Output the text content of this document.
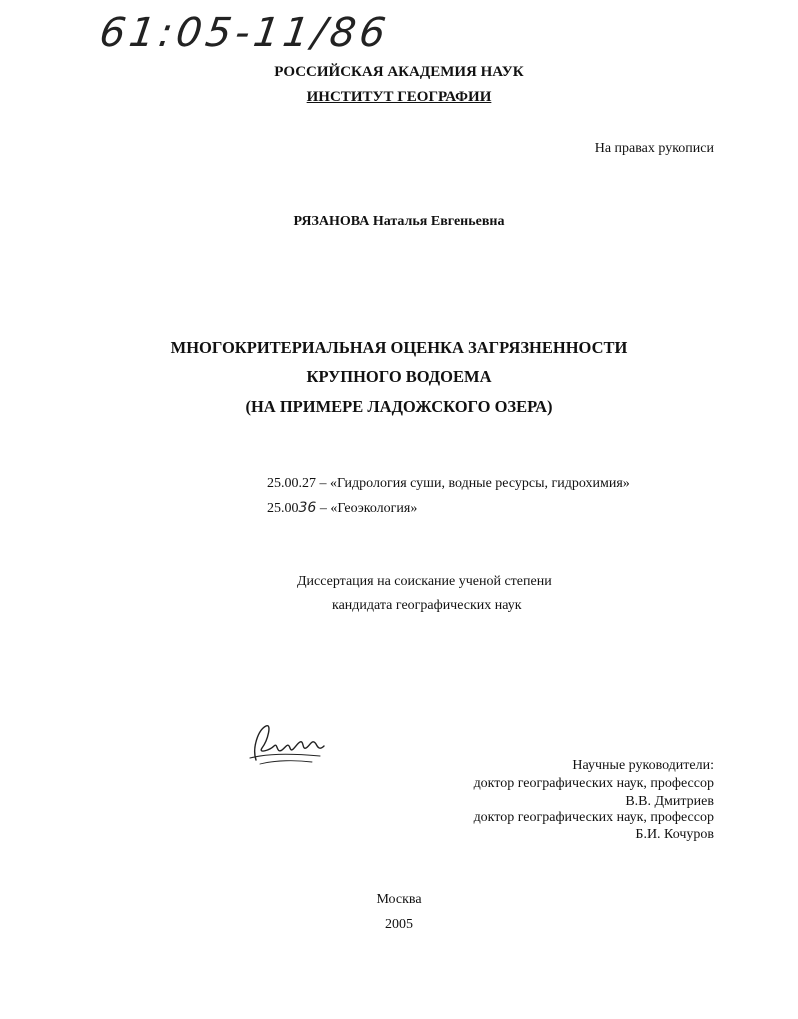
61:05-11/86
РОССИЙСКАЯ АКАДЕМИЯ НАУК
ИНСТИТУТ ГЕОГРАФИИ
На правах рукописи
РЯЗАНОВА Наталья Евгеньевна
МНОГОКРИТЕРИАЛЬНАЯ ОЦЕНКА ЗАГРЯЗНЕННОСТИ
КРУПНОГО ВОДОЕМА
(НА ПРИМЕРЕ ЛАДОЖСКОГО ОЗЕРА)
25.00.27 – «Гидрология суши, водные ресурсы, гидрохимия»
25.0036 – «Геоэкология»
Диссертация на соискание ученой степени
кандидата географических наук
Научные руководители:
доктор географических наук, профессор
В.В. Дмитриев
доктор географических наук, профессор
Б.И. Кочуров
Москва
2005
